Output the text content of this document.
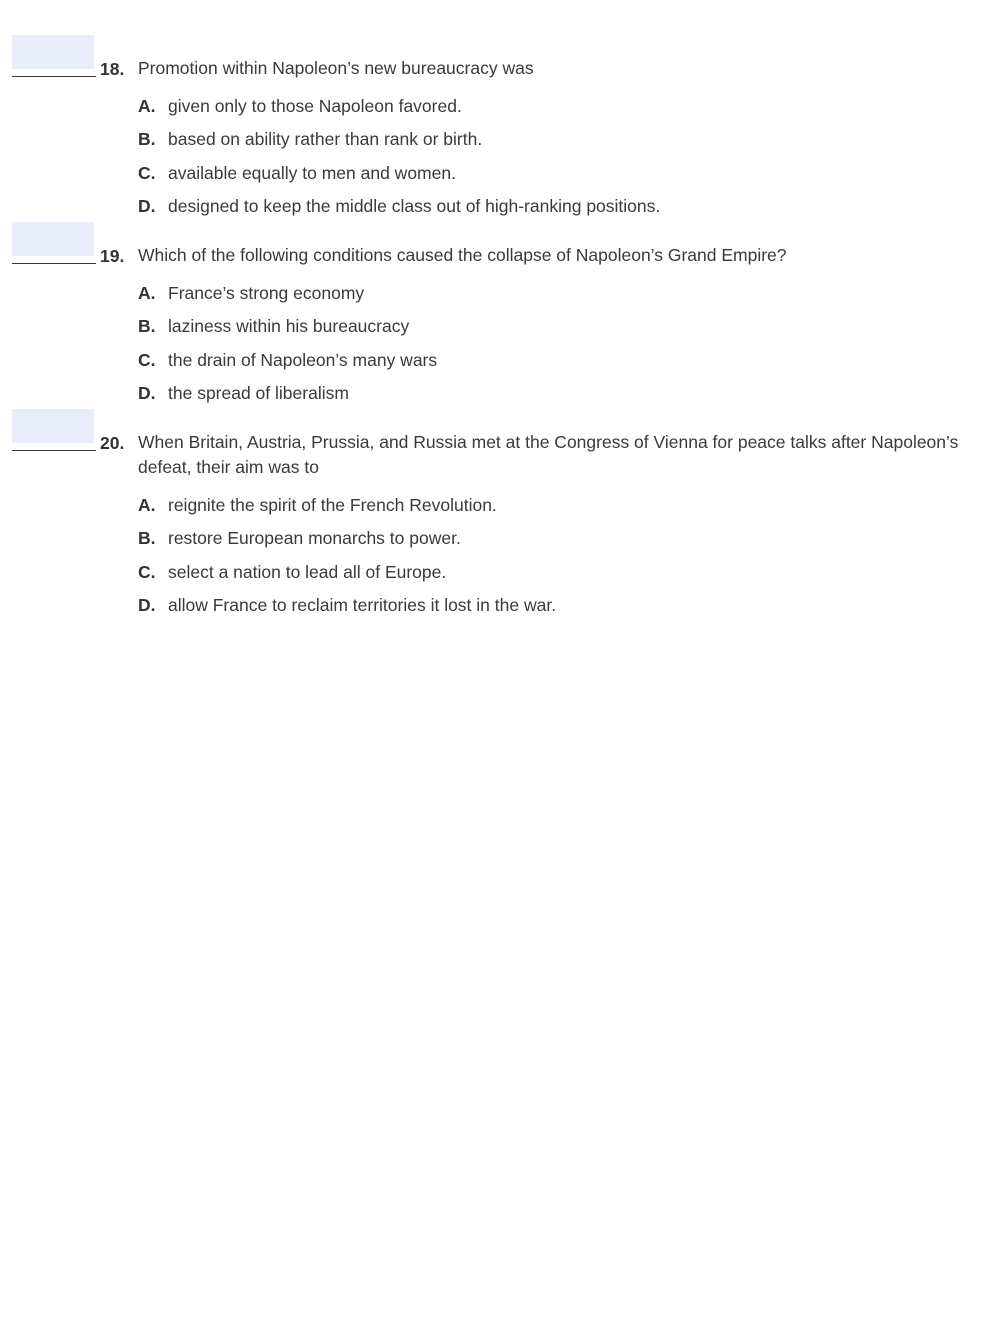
18. Promotion within Napoleon’s new bureaucracy was
A. given only to those Napoleon favored.
B. based on ability rather than rank or birth.
C. available equally to men and women.
D. designed to keep the middle class out of high-ranking positions.
19. Which of the following conditions caused the collapse of Napoleon’s Grand Empire?
A. France’s strong economy
B. laziness within his bureaucracy
C. the drain of Napoleon’s many wars
D. the spread of liberalism
20. When Britain, Austria, Prussia, and Russia met at the Congress of Vienna for peace talks after Napoleon’s defeat, their aim was to
A. reignite the spirit of the French Revolution.
B. restore European monarchs to power.
C. select a nation to lead all of Europe.
D. allow France to reclaim territories it lost in the war.
